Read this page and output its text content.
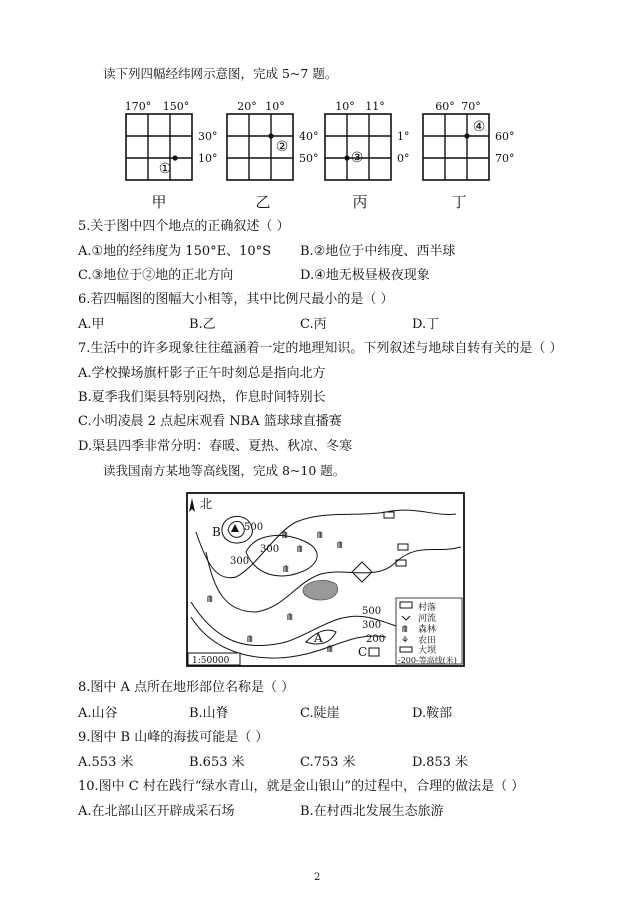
读下列四幅经纬网示意图，完成 5~7 题。
170° 150°
30°
10°
①
甲
20° 10°
40°
50°
②
乙
10° 11°
1°
0°
③
丙
60° 70°
60°
70°
④
丁
5.关于图中四个地点的正确叙述（ ）
A.①地的经纬度为 150°E、10°S B.②地位于中纬度、西半球
C.③地位于②地的正北方向	D.④地无极昼极夜现象
6.若四幅图的图幅大小相等，其中比例尺最小的是（ ）
A.甲	B.乙	C.丙	D.丁
7.生活中的许多现象往往蕴涵着一定的地理知识。下列叙述与地球自转有关的是（ ）
A.学校操场旗杆影子正午时刻总是指向北方
B.夏季我们渠县特别闷热，作息时间特别长
C.小明凌晨 2 点起床观看 NBA 篮球球直播赛
D.渠县四季非常分明：春暖、夏热、秋凉、冬寒
读我国南方某地等高线图，完成 8~10 题。
北
B	⟰
⟰
⟰
⟰
⟰
⟰
⟰
⟰
⟰
500
300
300
500
300
200
A
C
1:50000
村落
河流
⟰ 森林
⚘ 农田
大坝
-200-等高线(米)
8.图中 A 点所在地形部位名称是（ ）
A.山谷	B.山脊	C.陡崖	D.鞍部
9.图中 B 山峰的海拔可能是（ ）
A.553 米	B.653 米	C.753 米	D.853 米
10.图中 C 村在践行“绿水青山，就是金山银山”的过程中，合理的做法是（ ）
A.在北部山区开辟成采石场	B.在村西北发展生态旅游
2
